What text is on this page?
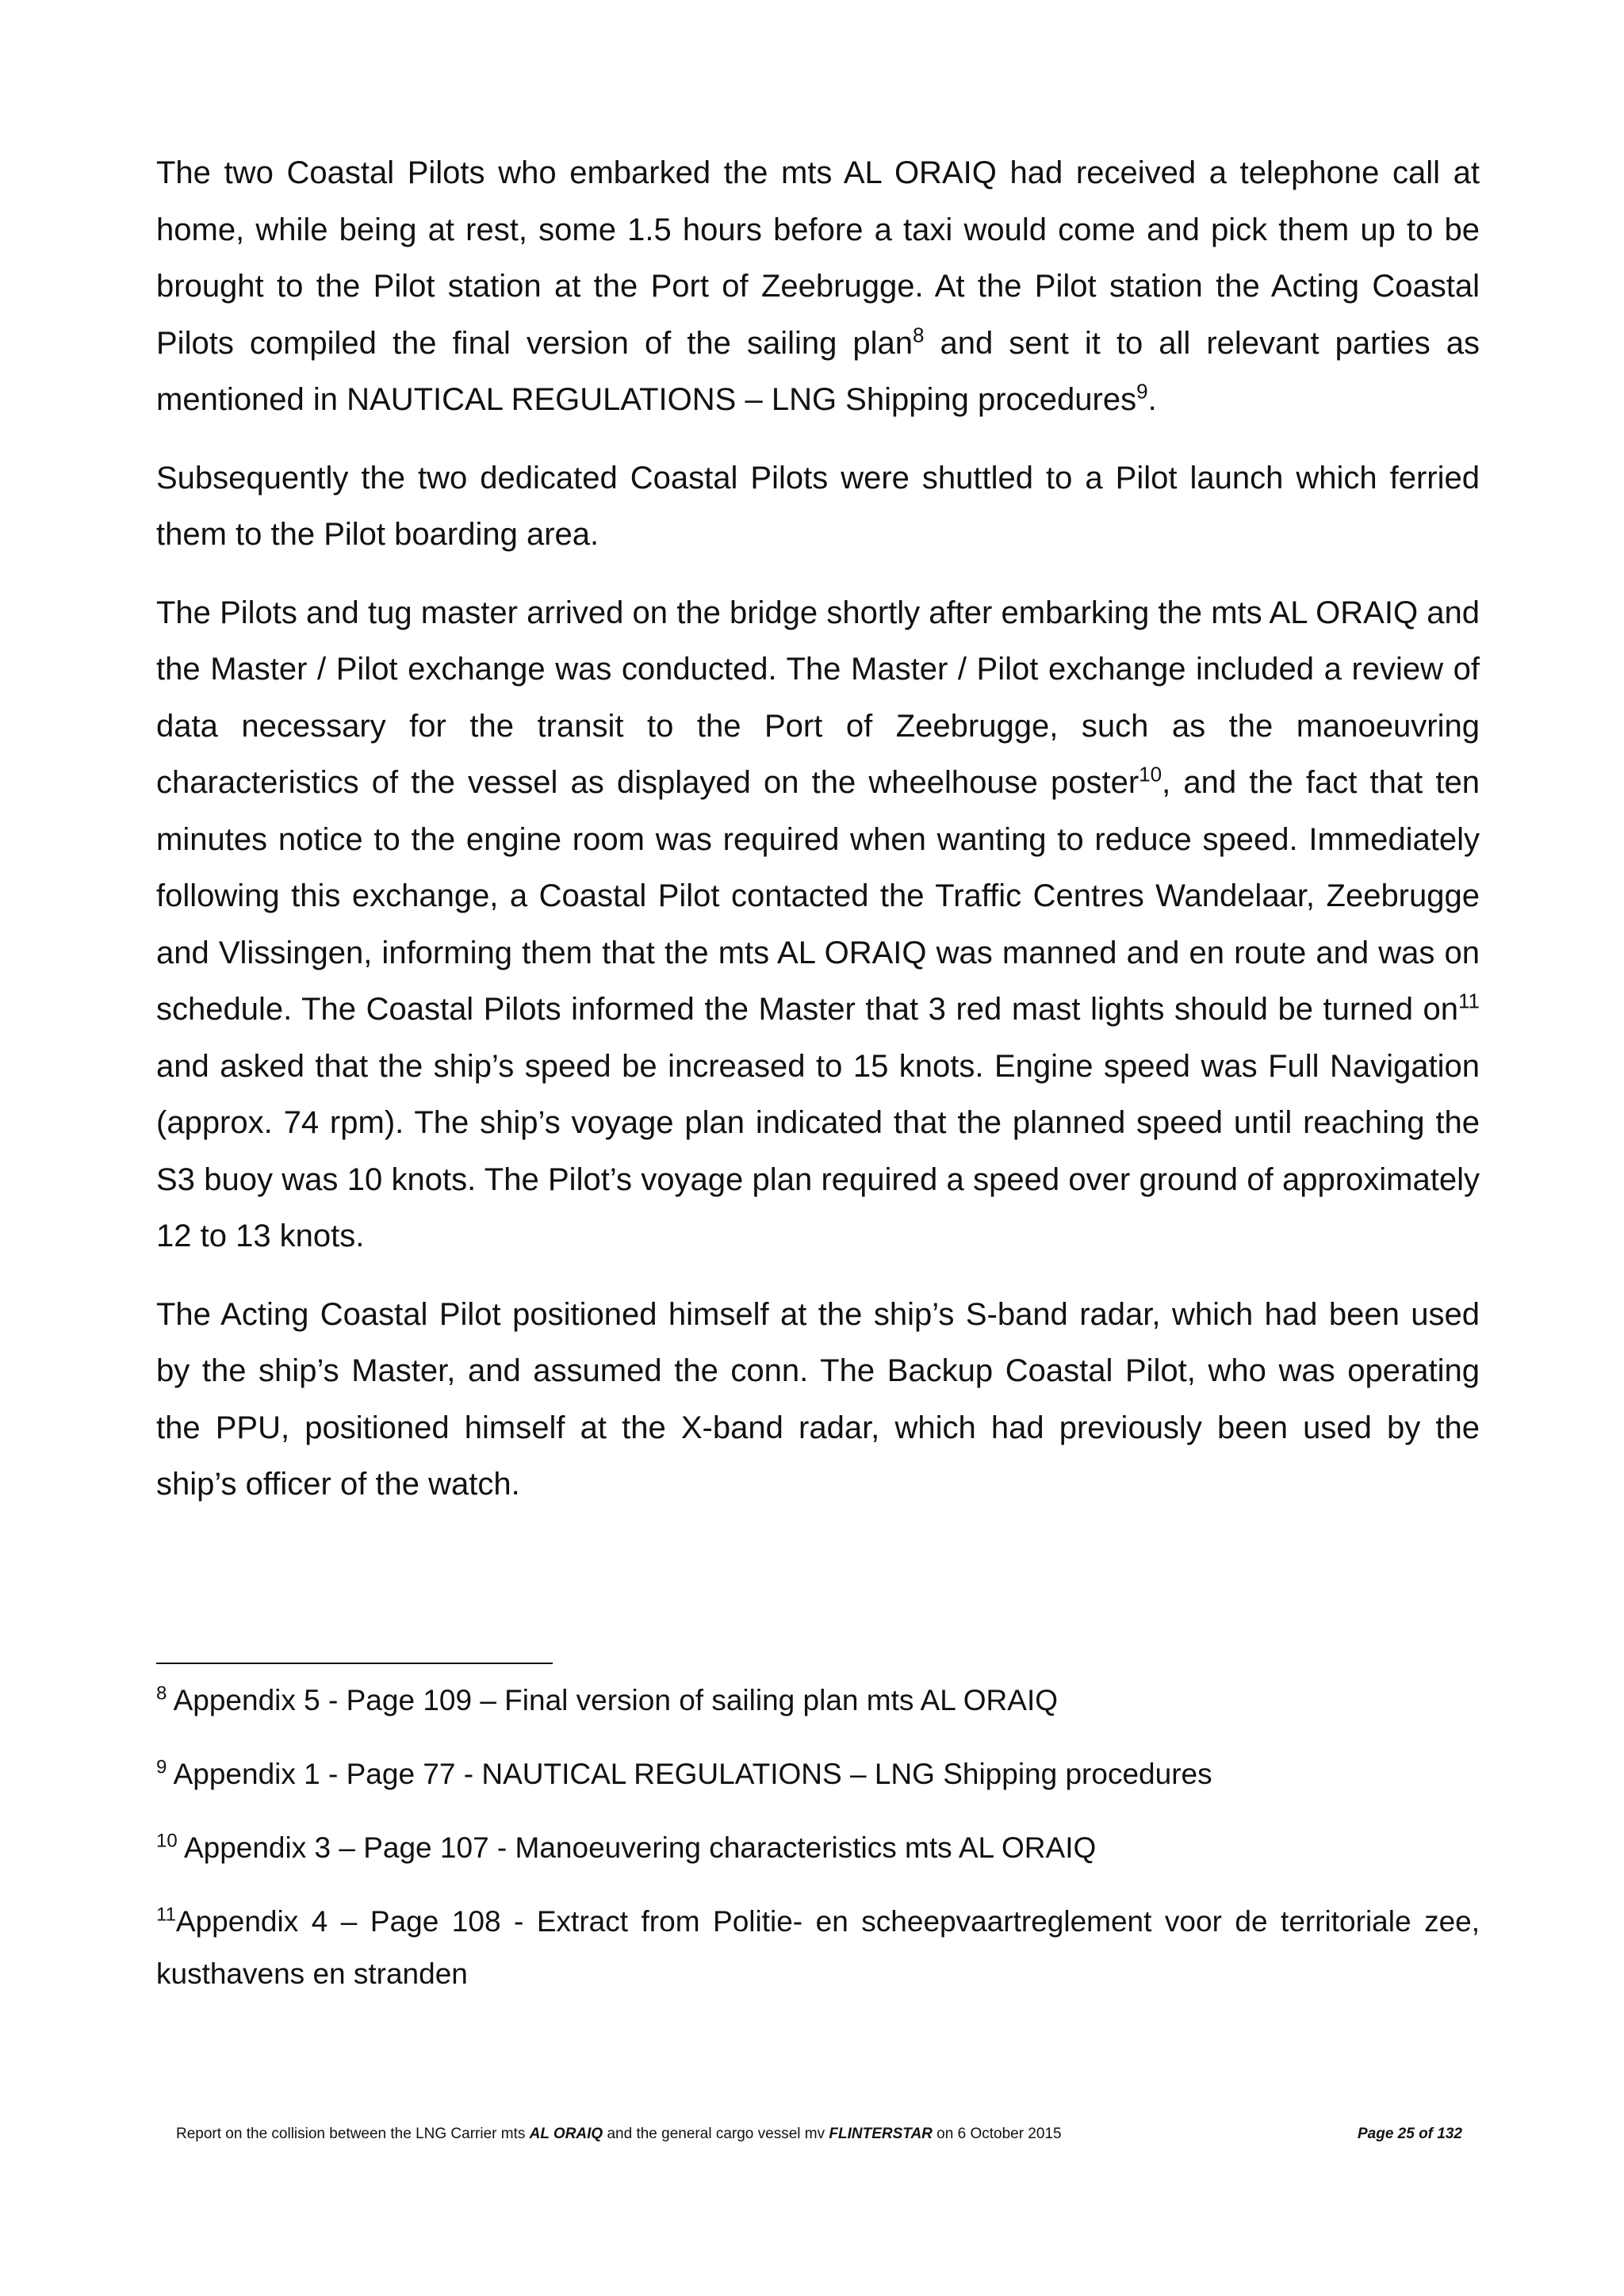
The two Coastal Pilots who embarked the mts AL ORAIQ had received a telephone call at home, while being at rest, some 1.5 hours before a taxi would come and pick them up to be brought to the Pilot station at the Port of Zeebrugge. At the Pilot station the Acting Coastal Pilots compiled the final version of the sailing plan$^8$ and sent it to all relevant parties as mentioned in NAUTICAL REGULATIONS – LNG Shipping procedures$^9$.

Subsequently the two dedicated Coastal Pilots were shuttled to a Pilot launch which ferried them to the Pilot boarding area.

The Pilots and tug master arrived on the bridge shortly after embarking the mts AL ORAIQ and the Master / Pilot exchange was conducted. The Master / Pilot exchange included a review of data necessary for the transit to the Port of Zeebrugge, such as the manoeuvring characteristics of the vessel as displayed on the wheelhouse poster$^{10}$, and the fact that ten minutes notice to the engine room was required when wanting to reduce speed. Immediately following this exchange, a Coastal Pilot contacted the Traffic Centres Wandelaar, Zeebrugge and Vlissingen, informing them that the mts AL ORAIQ was manned and en route and was on schedule. The Coastal Pilots informed the Master that 3 red mast lights should be turned $on^{11}$ and asked that the ship’s speed be increased to 15 knots. Engine speed was Full Navigation (approx. 74 rpm). The ship’s voyage plan indicated that the planned speed until reaching the S3 buoy was 10 knots. The Pilot’s voyage plan required a speed over ground of approximately 12 to 13 knots.

The Acting Coastal Pilot positioned himself at the ship’s S-band radar, which had been used by the ship’s Master, and assumed the conn. The Backup Coastal Pilot, who was operating the PPU, positioned himself at the X-band radar, which had previously been used by the ship’s officer of the watch.

$^8$ Appendix 5 - Page 109 – Final version of sailing plan mts AL ORAIQ

$^9$ Appendix 1 - Page 77 - NAUTICAL REGULATIONS – LNG Shipping procedures

$^{10}$ Appendix 3 – Page 107 - Manoeuvering characteristics mts AL ORAIQ

$^{11}$Appendix 4 – Page 108 - Extract from Politie- en scheepvaartreglement voor de territoriale zee, kusthavens en stranden

Report on the collision between the LNG Carrier mts AL ORAIQ and the general cargo vessel mv FLINTERSTAR on 6 October 2015	Page 25 of 132
